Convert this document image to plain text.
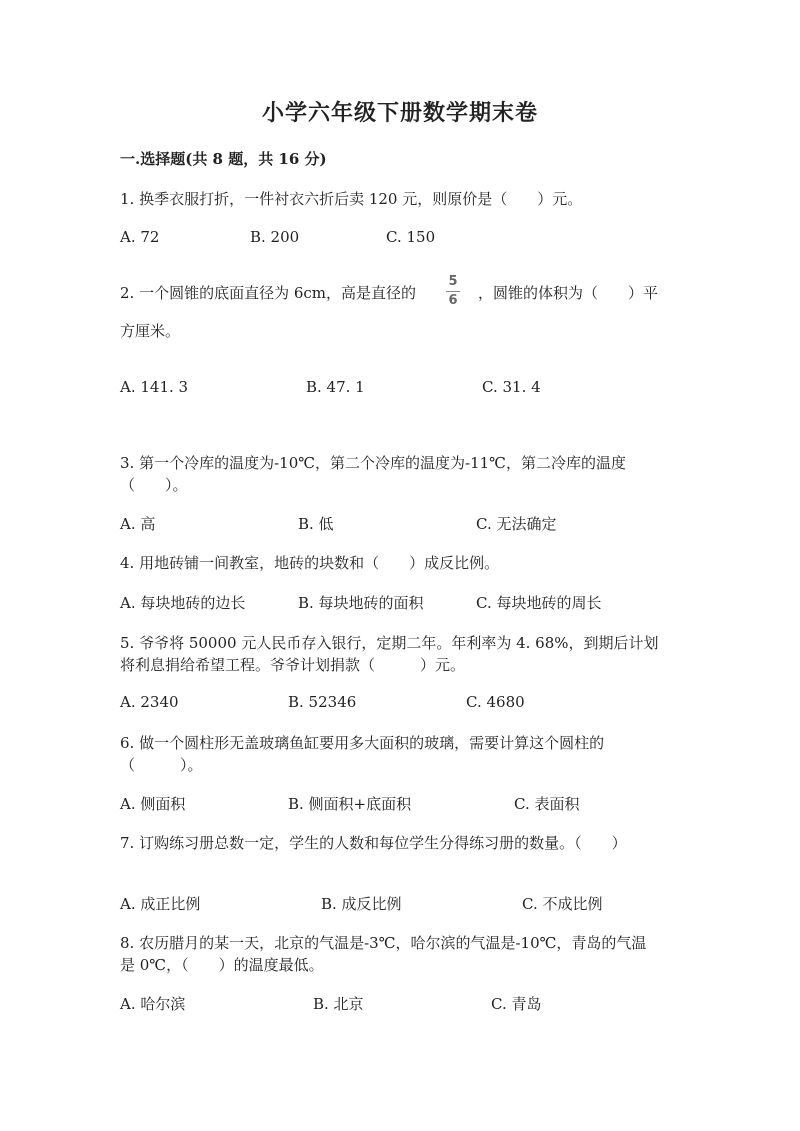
小学六年级下册数学期末卷
一.选择题(共 8 题，共 16 分)
1. 换季衣服打折，一件衬衣六折后卖 120 元，则原价是（　　）元。
A. 72	B. 200	C. 150
2. 一个圆锥的底面直径为 6cm，高是直径的
5
6 ，圆锥的体积为（　　）平
方厘米。
A. 141. 3	B. 47. 1	C. 31. 4
3. 第一个冷库的温度为-10℃，第二个冷库的温度为-11℃，第二冷库的温度
（　　）。
A. 高	B. 低	C. 无法确定
4. 用地砖铺一间教室，地砖的块数和（　　）成反比例。
A. 每块地砖的边长	B. 每块地砖的面积	C. 每块地砖的周长
5. 爷爷将 50000 元人民币存入银行，定期二年。年利率为 4. 68%，到期后计划
将利息捐给希望工程。爷爷计划捐款（　　　）元。
A. 2340	B. 52346	C. 4680
6. 做一个圆柱形无盖玻璃鱼缸要用多大面积的玻璃，需要计算这个圆柱的
（　　　）。
A. 侧面积	B. 侧面积+底面积	C. 表面积
7. 订购练习册总数一定，学生的人数和每位学生分得练习册的数量。（　　）
A. 成正比例	B. 成反比例	C. 不成比例
8. 农历腊月的某一天，北京的气温是-3℃，哈尔滨的气温是-10℃，青岛的气温
是 0℃，（　　）的温度最低。
A. 哈尔滨	B. 北京	C. 青岛
